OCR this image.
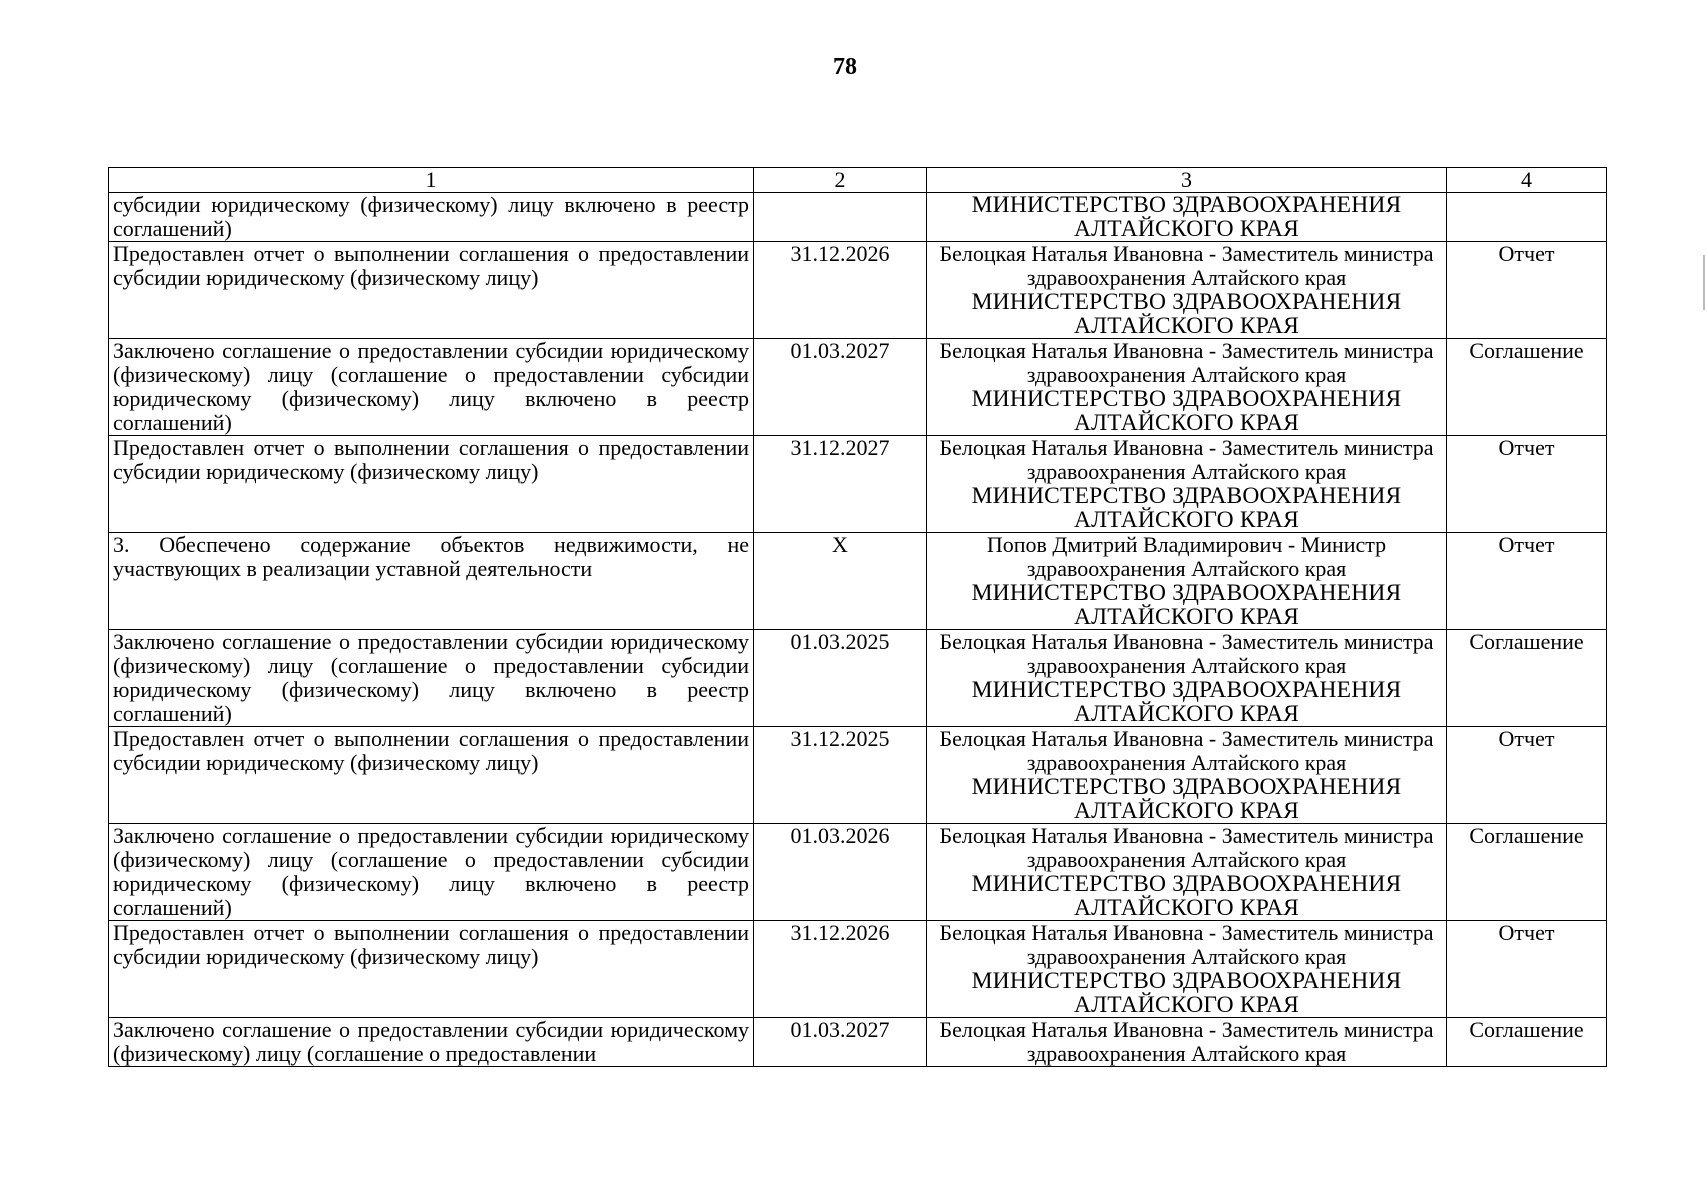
78
1	2	3	4
субсидии юридическому (физическому) лицу включено в реестр соглашений)		МИНИСТЕРСТВО ЗДРАВООХРАНЕНИЯ АЛТАЙСКОГО КРАЯ	

Предоставлен отчет о выполнении соглашения о предоставлении субсидии юридическому (физическому лицу)	31.12.2026	Белоцкая Наталья Ивановна - Заместитель министра здравоохранения Алтайского края
МИНИСТЕРСТВО ЗДРАВООХРАНЕНИЯ АЛТАЙСКОГО КРАЯ	Отчет
Заключено соглашение о предоставлении субсидии юридическому (физическому) лицу (соглашение о предоставлении субсидии юридическому (физическому) лицу включено в реестр соглашений)	01.03.2027	Белоцкая Наталья Ивановна - Заместитель министра здравоохранения Алтайского края
МИНИСТЕРСТВО ЗДРАВООХРАНЕНИЯ АЛТАЙСКОГО КРАЯ	Соглашение
Предоставлен отчет о выполнении соглашения о предоставлении субсидии юридическому (физическому лицу)	31.12.2027	Белоцкая Наталья Ивановна - Заместитель министра здравоохранения Алтайского края
МИНИСТЕРСТВО ЗДРАВООХРАНЕНИЯ АЛТАЙСКОГО КРАЯ	Отчет
3. Обеспечено содержание объектов недвижимости, не участвующих в реализации уставной деятельности	X	Попов Дмитрий Владимирович - Министр здравоохранения Алтайского края
МИНИСТЕРСТВО ЗДРАВООХРАНЕНИЯ АЛТАЙСКОГО КРАЯ	Отчет
Заключено соглашение о предоставлении субсидии юридическому (физическому) лицу (соглашение о предоставлении субсидии юридическому (физическому) лицу включено в реестр соглашений)	01.03.2025	Белоцкая Наталья Ивановна - Заместитель министра здравоохранения Алтайского края
МИНИСТЕРСТВО ЗДРАВООХРАНЕНИЯ АЛТАЙСКОГО КРАЯ	Соглашение
Предоставлен отчет о выполнении соглашения о предоставлении субсидии юридическому (физическому лицу)	31.12.2025	Белоцкая Наталья Ивановна - Заместитель министра здравоохранения Алтайского края
МИНИСТЕРСТВО ЗДРАВООХРАНЕНИЯ АЛТАЙСКОГО КРАЯ	Отчет
Заключено соглашение о предоставлении субсидии юридическому (физическому) лицу (соглашение о предоставлении субсидии юридическому (физическому) лицу включено в реестр соглашений)	01.03.2026	Белоцкая Наталья Ивановна - Заместитель министра здравоохранения Алтайского края
МИНИСТЕРСТВО ЗДРАВООХРАНЕНИЯ АЛТАЙСКОГО КРАЯ	Соглашение
Предоставлен отчет о выполнении соглашения о предоставлении субсидии юридическому (физическому лицу)	31.12.2026	Белоцкая Наталья Ивановна - Заместитель министра здравоохранения Алтайского края
МИНИСТЕРСТВО ЗДРАВООХРАНЕНИЯ АЛТАЙСКОГО КРАЯ	Отчет
Заключено соглашение о предоставлении субсидии юридическому (физическому) лицу (соглашение о предоставлении	01.03.2027	Белоцкая Наталья Ивановна - Заместитель министра здравоохранения Алтайского края	Соглашение
